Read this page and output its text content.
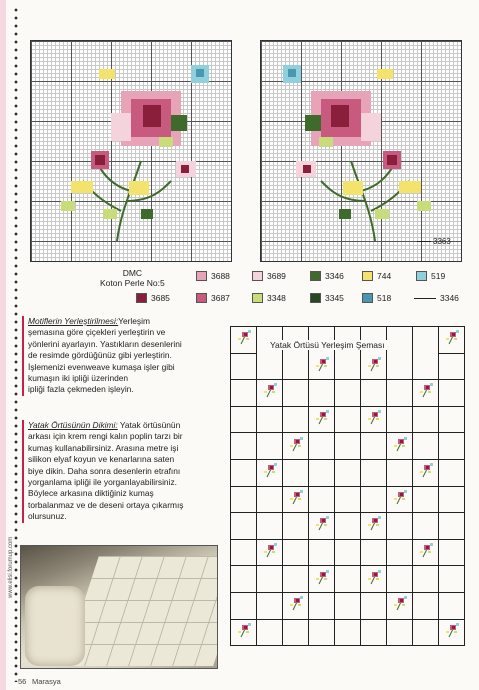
3363
DMC
Koton Perle No:5
3688	3689	3346	744	519
3685	3687	3348	3345	518	3346
Motiflerin Yerleştirilmesi:Yerleşim
şemasına göre çiçekleri yerleştirin ve
yönlerini ayarlayın. Yastıkların desenlerini
de resimde gördüğünüz gibi yerleştirin.
İşlemenizi evenweave kumaşa işler gibi
kumaşın iki ipliği üzerinden
ipliği fazla çekmeden işleyin.
Yatak Örtüsünün Dikimi: Yatak örtüsünün
arkası için krem rengi kalın poplin tarzı bir
kumaş kullanabilirsiniz. Arasına metre işi
silikon elyaf koyun ve kenarlarına saten
biye dikin. Daha sonra desenlerin etrafını
yorganlama ipliği ile yorganlayabilirsiniz.
Böylece arkasına diktiğiniz kumaş
torbalanmaz ve de deseni ortaya çıkarmış
olursunuz.

Yatak Örtüsü Yerleşim Şeması
www.elisi.forumup.com
56 Marasya
